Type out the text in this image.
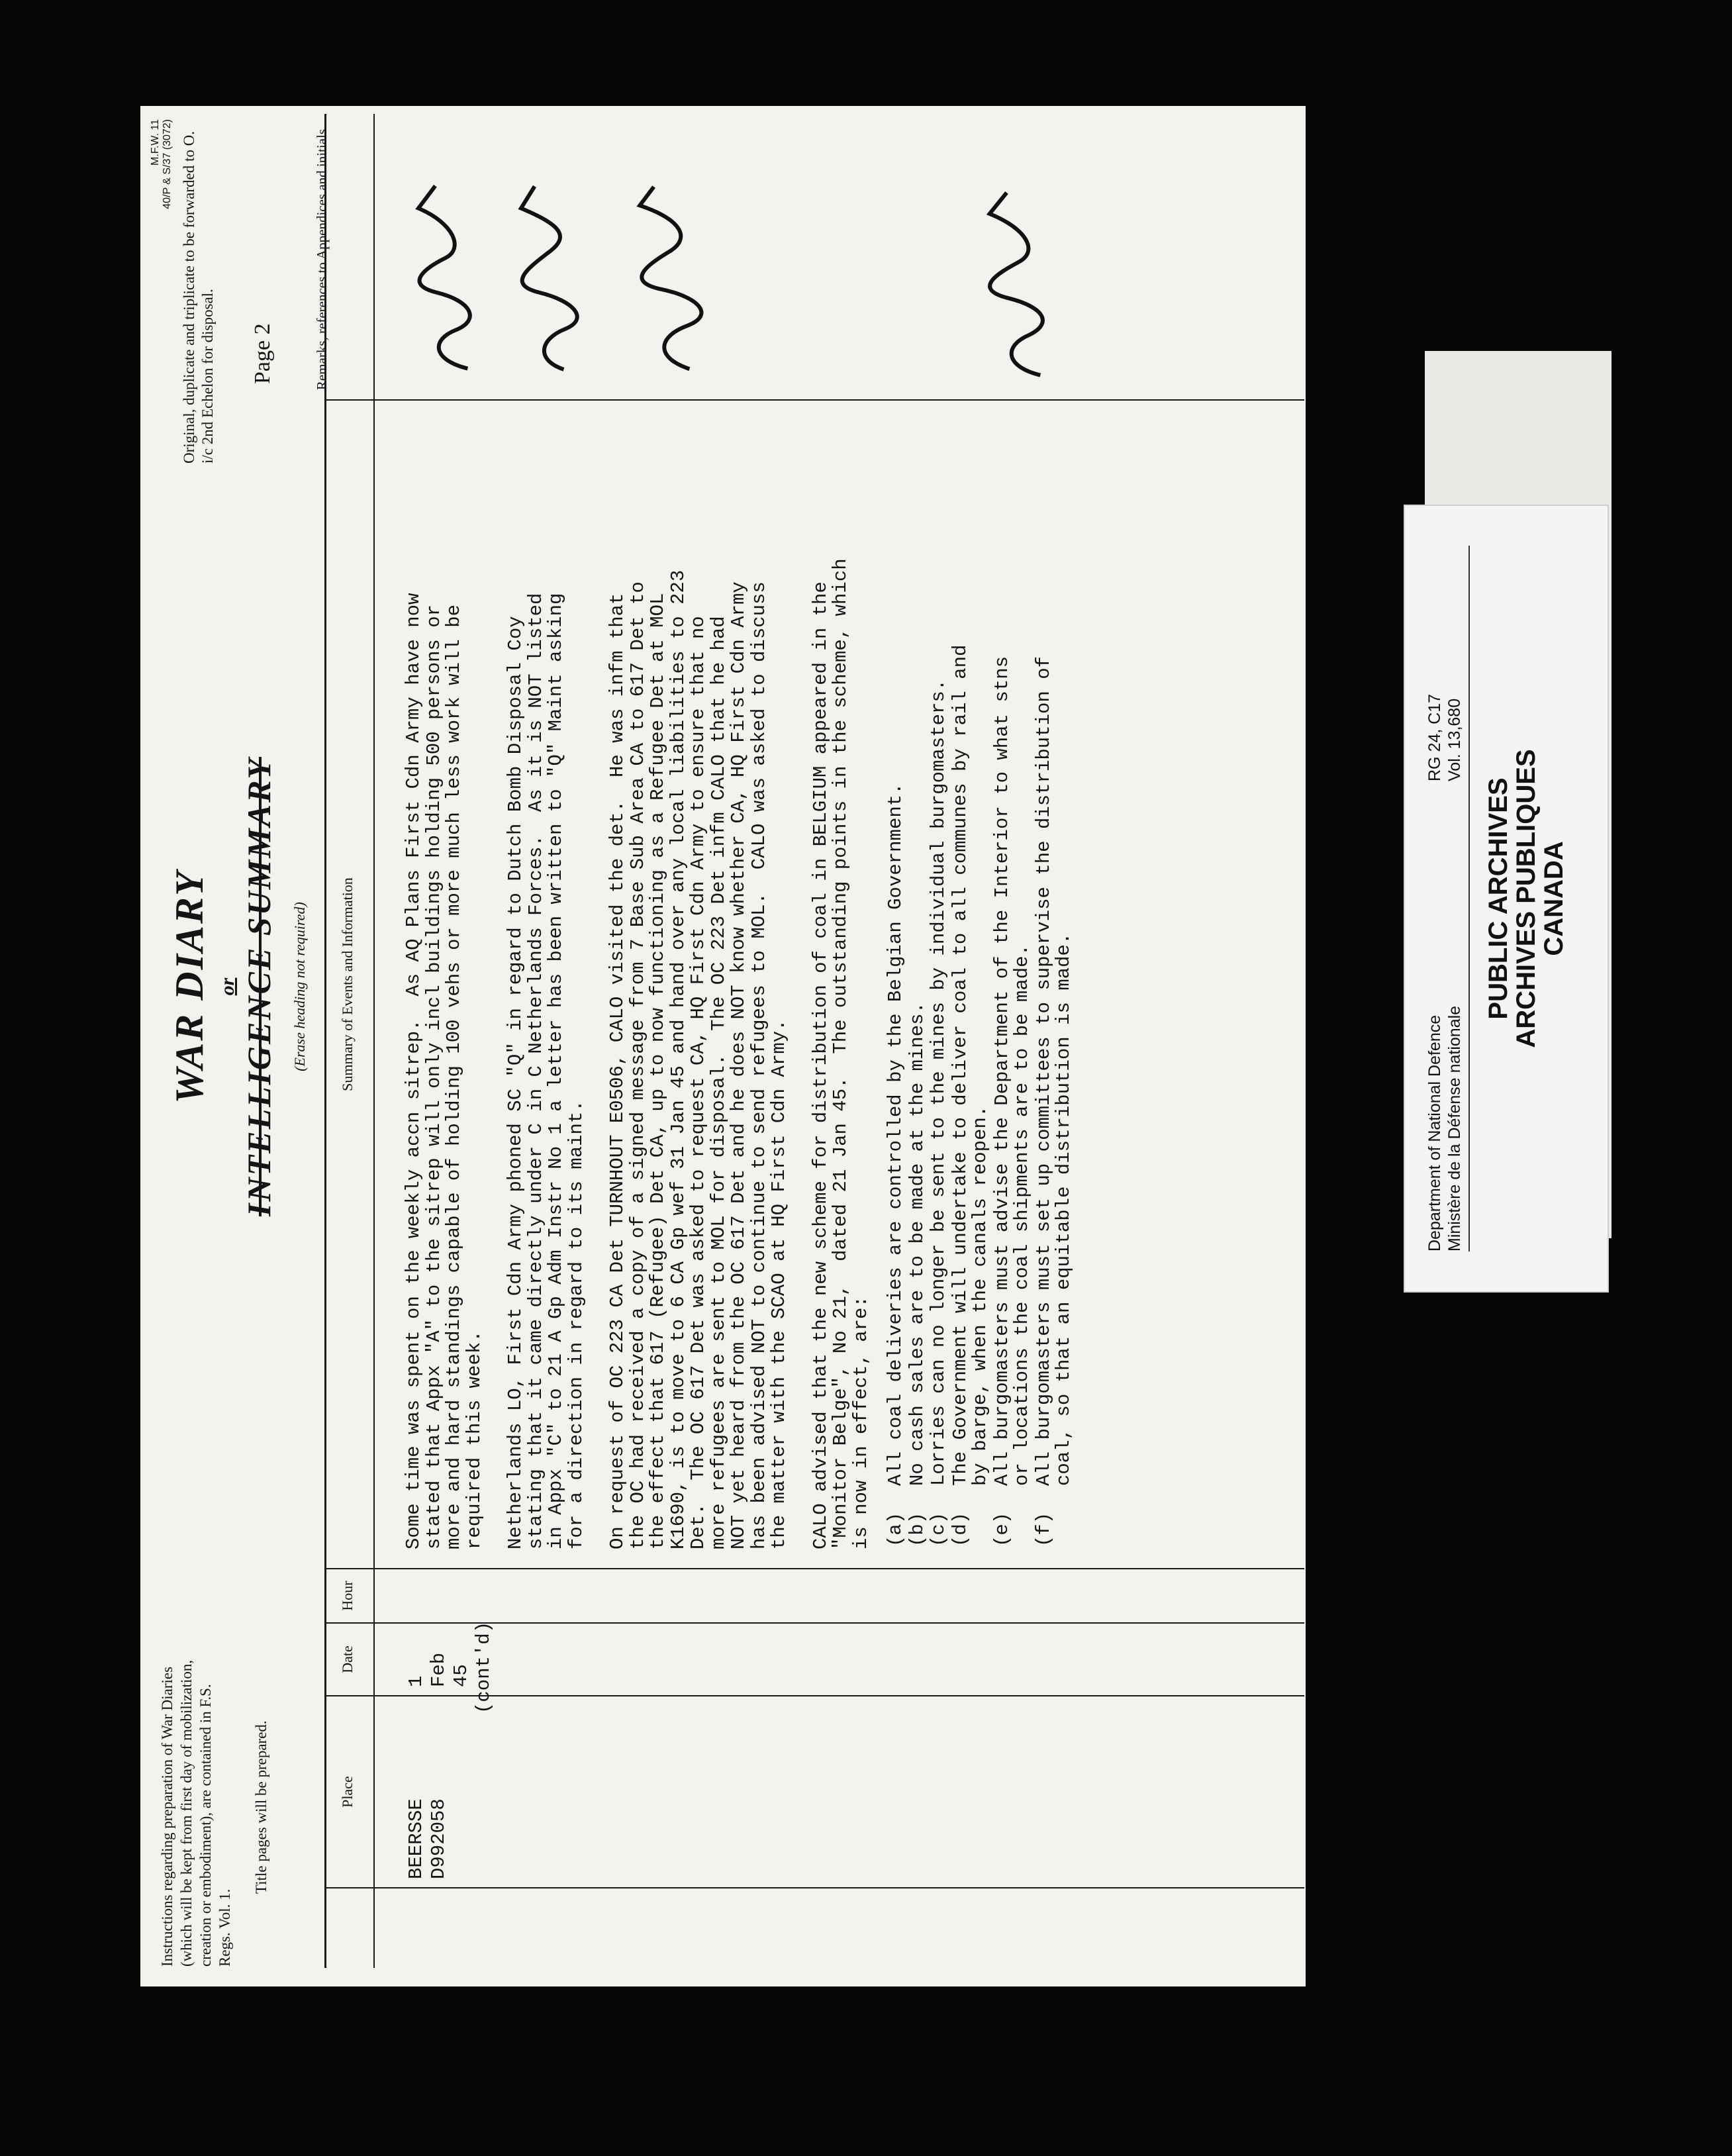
Instructions regarding preparation of War Diaries (which will be kept from first day of mobilization, creation or embodiment), are contained in F.S. Regs. Vol. 1.
Title pages will be prepared.
WAR DIARY or INTELLIGENCE SUMMARY (Erase heading not required)
M.F.W. 11 40/P & S/37 (3072) Original, duplicate and triplicate to be forwarded to O. i/c 2nd Echelon for disposal. Page 2
Place
Date
Hour
Summary of Events and Information
Remarks, references to Appendices and initials
BEERSSE D992058
1 Feb 45 (cont'd)
Some time was spent on the weekly accn sitrep.  As AQ Plans First Cdn Army have now
stated that Appx "A" to the sitrep will only incl buildings holding 500 persons or
more and hard standings capable of holding 100 vehs or more much less work will be
required this week.
Netherlands LO, First Cdn Army phoned SC "Q" in regard to Dutch Bomb Disposal Coy
stating that it came directly under C in C Netherlands Forces.  As it is NOT listed
in Appx "C" to 21 A Gp Adm Instr No 1 a letter has been written to "Q" Maint asking
for a direction in regard to its maint.
On request of OC 223 CA Det TURNHOUT E0506, CALO visited the det.  He was infm that
the OC had received a copy of a signed message from 7 Base Sub Area CA to 617 Det to
the effect that 617 (Refugee) Det CA, up to now functioning as a Refugee Det at MOL
K1690, is to move to 6 CA Gp wef 31 Jan 45 and hand over any local liabilities to 223
Det.  The OC 617 Det was asked to request CA, HQ First Cdn Army to ensure that no
more refugees are sent to MOL for disposal.  The OC 223 Det infm CALO that he had
NOT yet heard from the OC 617 Det and he does NOT know whether CA, HQ First Cdn Army
has been advised NOT to continue to send refugees to MOL.  CALO was asked to discuss
the matter with the SCAO at HQ First Cdn Army.
CALO advised that the new scheme for distribution of coal in BELGIUM appeared in the
"Monitor Belge", No 21,  dated 21 Jan 45.  The outstanding points in the scheme, which
is now in effect, are:
(a)
All coal deliveries are controlled by the Belgian Government.
(b)
No cash sales are to be made at the mines.
(c)
Lorries can no longer be sent to the mines by individual burgomasters.
(d)
The Government will undertake to deliver coal to all communes by rail and
by barge, when the canals reopen.
(e)
All burgomasters must advise the Department of the Interior to what stns
or locations the coal shipments are to be made.
(f)
All burgomasters must set up committees to supervise the distribution of
coal, so that an equitable distribution is made.
Department of National Defence Ministère de la Défense nationale
RG 24, C17 Vol. 13,680
PUBLIC ARCHIVES
ARCHIVES PUBLIQUES
CANADA
